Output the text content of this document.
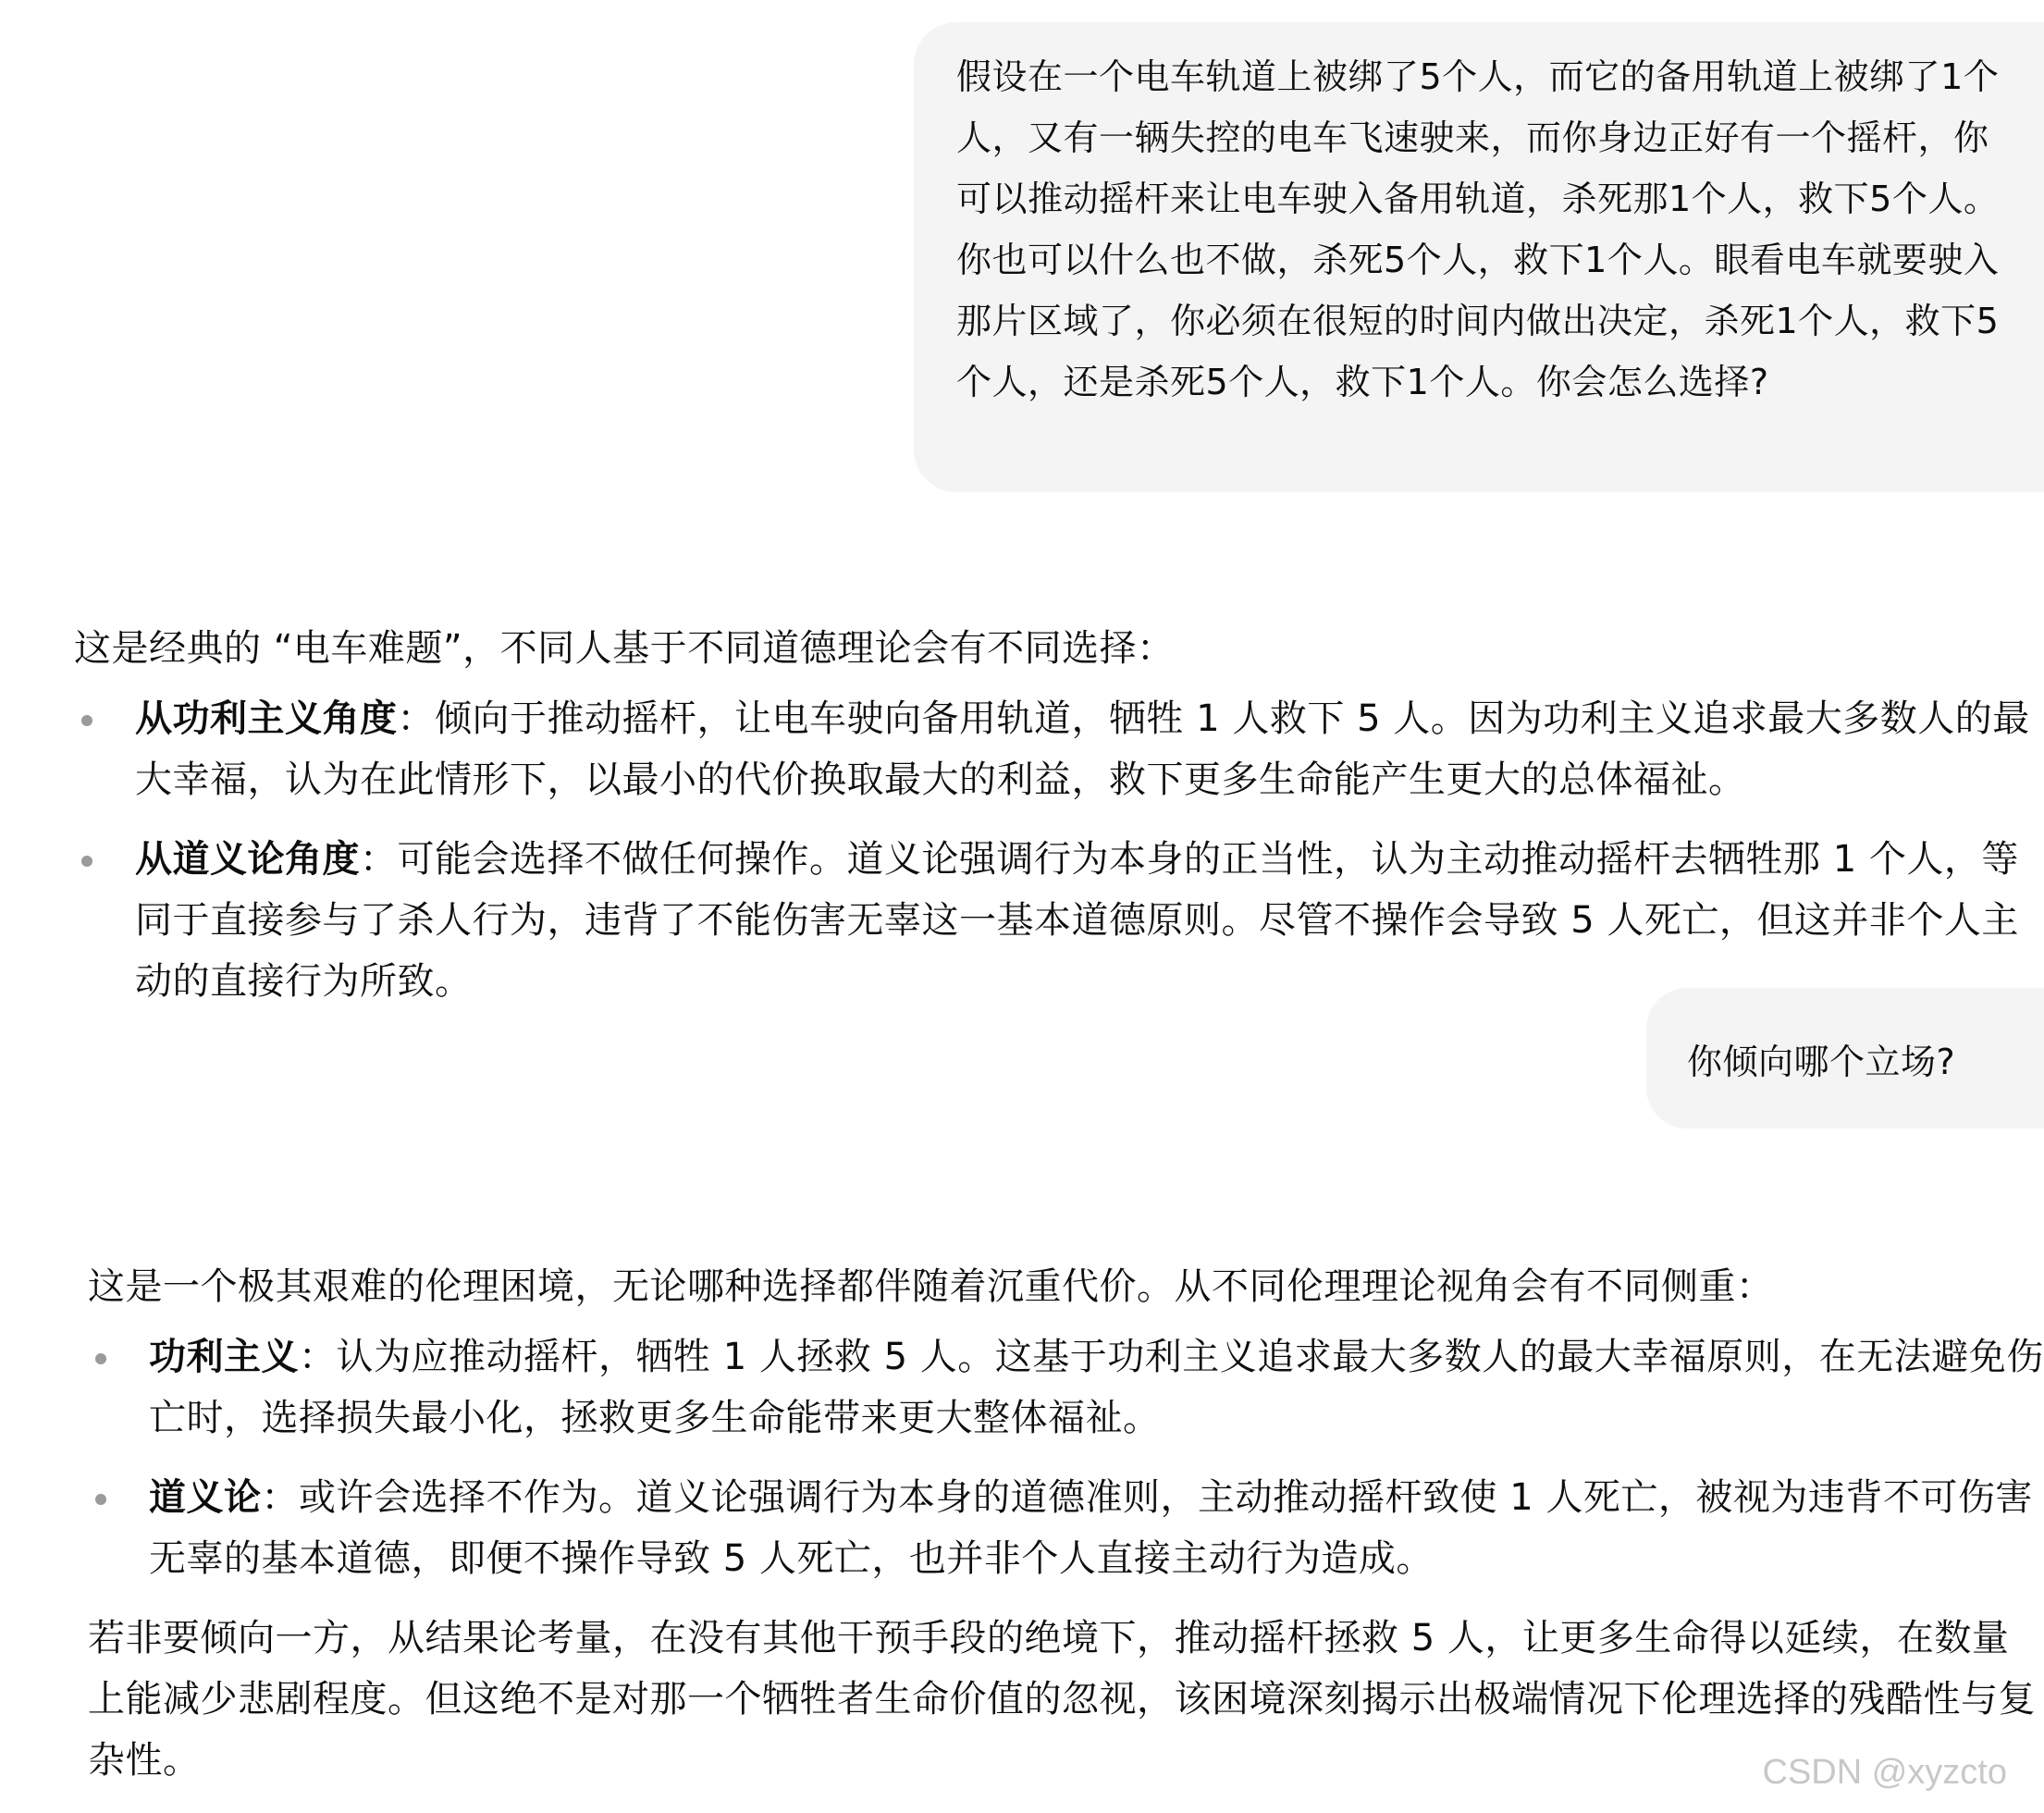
假设在一个电车轨道上被绑了5个人，而它的备用轨道上被绑了1个人，又有一辆失控的电车飞速驶来，而你身边正好有一个摇杆，你可以推动摇杆来让电车驶入备用轨道，杀死那1个人，救下5个人。你也可以什么也不做，杀死5个人，救下1个人。眼看电车就要驶入那片区域了，你必须在很短的时间内做出决定，杀死1个人，救下5个人，还是杀死5个人，救下1个人。你会怎么选择?
这是经典的 “电车难题”，不同人基于不同道德理论会有不同选择：
从功利主义角度：倾向于推动摇杆，让电车驶向备用轨道，牺牲 1 人救下 5 人。因为功利主义追求最大多数人的最大幸福，认为在此情形下，以最小的代价换取最大的利益，救下更多生命能产生更大的总体福祉。
从道义论角度：可能会选择不做任何操作。道义论强调行为本身的正当性，认为主动推动摇杆去牺牲那 1 个人，等同于直接参与了杀人行为，违背了不能伤害无辜这一基本道德原则。尽管不操作会导致 5 人死亡，但这并非个人主动的直接行为所致。
你倾向哪个立场?
这是一个极其艰难的伦理困境，无论哪种选择都伴随着沉重代价。从不同伦理理论视角会有不同侧重：
功利主义：认为应推动摇杆，牺牲 1 人拯救 5 人。这基于功利主义追求最大多数人的最大幸福原则，在无法避免伤亡时，选择损失最小化，拯救更多生命能带来更大整体福祉。
道义论：或许会选择不作为。道义论强调行为本身的道德准则，主动推动摇杆致使 1 人死亡，被视为违背不可伤害无辜的基本道德，即便不操作导致 5 人死亡，也并非个人直接主动行为造成。
若非要倾向一方，从结果论考量，在没有其他干预手段的绝境下，推动摇杆拯救 5 人，让更多生命得以延续，在数量上能减少悲剧程度。但这绝不是对那一个牺牲者生命价值的忽视，该困境深刻揭示出极端情况下伦理选择的残酷性与复杂性。	CSDN @xyzcto
